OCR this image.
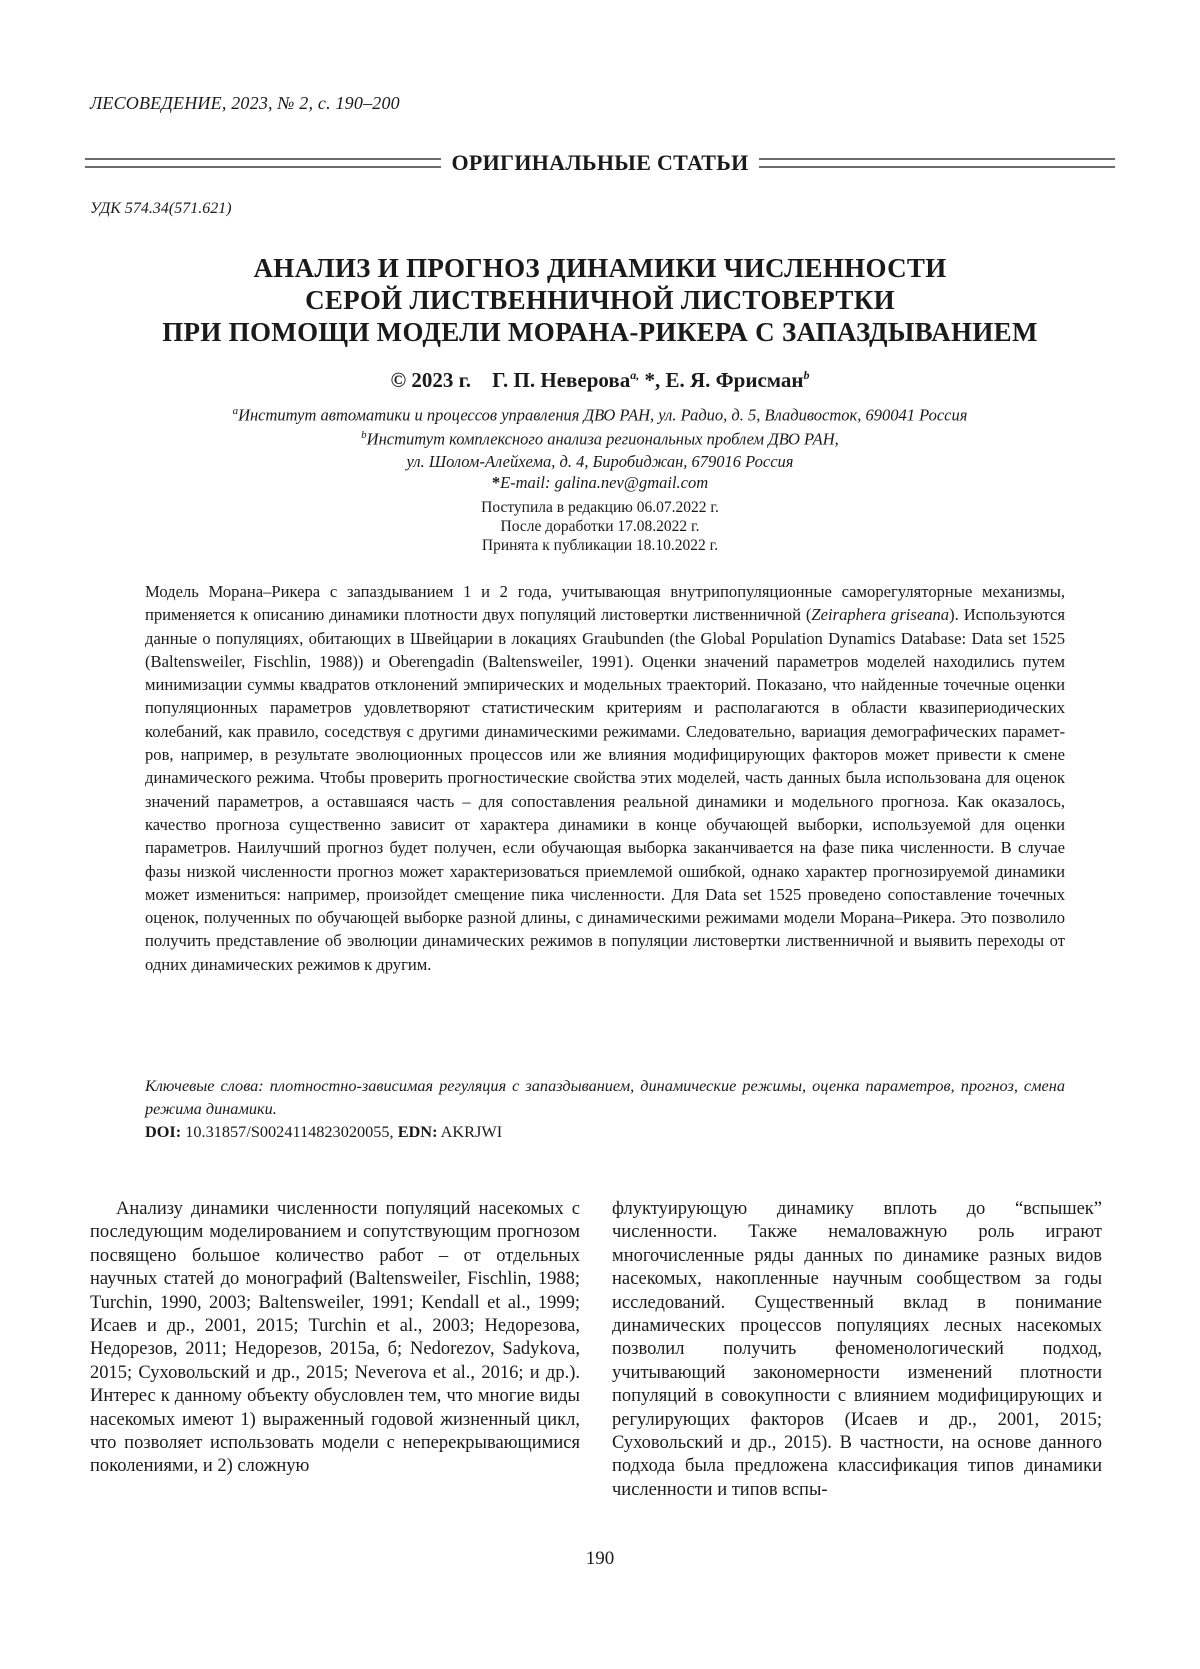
ЛЕСОВЕДЕНИЕ, 2023, № 2, с. 190–200
ОРИГИНАЛЬНЫЕ СТАТЬИ
УДК 574.34(571.621)
АНАЛИЗ И ПРОГНОЗ ДИНАМИКИ ЧИСЛЕННОСТИ
СЕРОЙ ЛИСТВЕННИЧНОЙ ЛИСТОВЕРТКИ
ПРИ ПОМОЩИ МОДЕЛИ МОРАНА-РИКЕРА С ЗАПАЗДЫВАНИЕМ
© 2023 г. Г. П. Неверова$^{a,}$ *, Е. Я. Фрисман$^b$
$^a$Институт автоматики и процессов управления ДВО РАН, ул. Радио, д. 5, Владивосток, 690041 Россия
$^b$Институт комплексного анализа региональных проблем ДВО РАН,
ул. Шолом-Алейхема, д. 4, Биробиджан, 679016 Россия
*E-mail: galina.nev@gmail.com
Поступила в редакцию 06.07.2022 г.
После доработки 17.08.2022 г.
Принята к публикации 18.10.2022 г.
Модель Морана–Рикера с запаздыванием 1 и 2 года, учитывающая внутрипопуляционные саморегуляторные механизмы, применяется к описанию динамики плотности двух популяций листовертки лиственничной (Zeiraphera griseana). Используются данные о популяциях, обитающих в Швейцарии в локациях Graubunden (the Global Population Dynamics Database: Data set 1525 (Baltensweiler, Fischlin, 1988)) и Oberengadin (Baltensweiler, 1991). Оценки значений параметров моделей находились путем минимизации суммы квадратов отклонений эмпирических и модельных траекторий. Показано, что найденные точечные оценки популяционных параметров удовлетворяют статистическим критериям и располагаются в области квазипериодических колебаний, как правило, соседствуя с другими динамическими режимами. Следовательно, вариация демографических параметров, например, в результате эволюционных процессов или же влияния модифицирующих факторов может привести к смене динамического режима. Чтобы проверить прогностические свойства этих моделей, часть данных была использована для оценок значений параметров, а оставшаяся часть – для сопоставления реальной динамики и модельного прогноза. Как оказалось, качество прогноза существенно зависит от характера динамики в конце обучающей выборки, используемой для оценки параметров. Наилучший прогноз будет получен, если обучающая выборка заканчивается на фазе пика численности. В случае фазы низкой численности прогноз может характеризоваться приемлемой ошибкой, однако характер прогнозируемой динамики может измениться: например, произойдет смещение пика численности. Для Data set 1525 проведено сопоставление точечных оценок, полученных по обучающей выборке разной длины, с динамическими режимами модели Морана–Рикера. Это позволило получить представление об эволюции динамических режимов в популяции листовертки лиственничной и выявить переходы от одних динамических режимов к другим.
Ключевые слова: плотностно-зависимая регуляция с запаздыванием, динамические режимы, оценка параметров, прогноз, смена режима динамики.
DOI: 10.31857/S0024114823020055, EDN: AKRJWI

Анализу динамики численности популяций насекомых с последующим моделированием и сопутствующим прогнозом посвящено большое количество работ – от отдельных научных статей до монографий (Baltensweiler, Fischlin, 1988; Turchin, 1990, 2003; Baltensweiler, 1991; Kendall et al., 1999; Исаев и др., 2001, 2015; Turchin et al., 2003; Недорезова, Недорезов, 2011; Недорезов, 2015а, б; Nedorezov, Sadykova, 2015; Суховольский и др., 2015; Neverova et al., 2016; и др.). Интерес к данному объекту обусловлен тем, что многие виды насекомых имеют 1) выраженный годовой жизненный цикл, что позволяет использовать модели с неперекрывающимися поколениями, и 2) сложную

флуктуирующую динамику вплоть до “вспышек” численности. Также немаловажную роль играют многочисленные ряды данных по динамике разных видов насекомых, накопленные научным сообществом за годы исследований. Существенный вклад в понимание динамических процессов популяциях лесных насекомых позволил получить феноменологический подход, учитывающий закономерности изменений плотности популяций в совокупности с влиянием модифицирующих и регулирующих факторов (Исаев и др., 2001, 2015; Суховольский и др., 2015). В частности, на основе данного подхода была предложена классификация типов динамики численности и типов вспы-

190
